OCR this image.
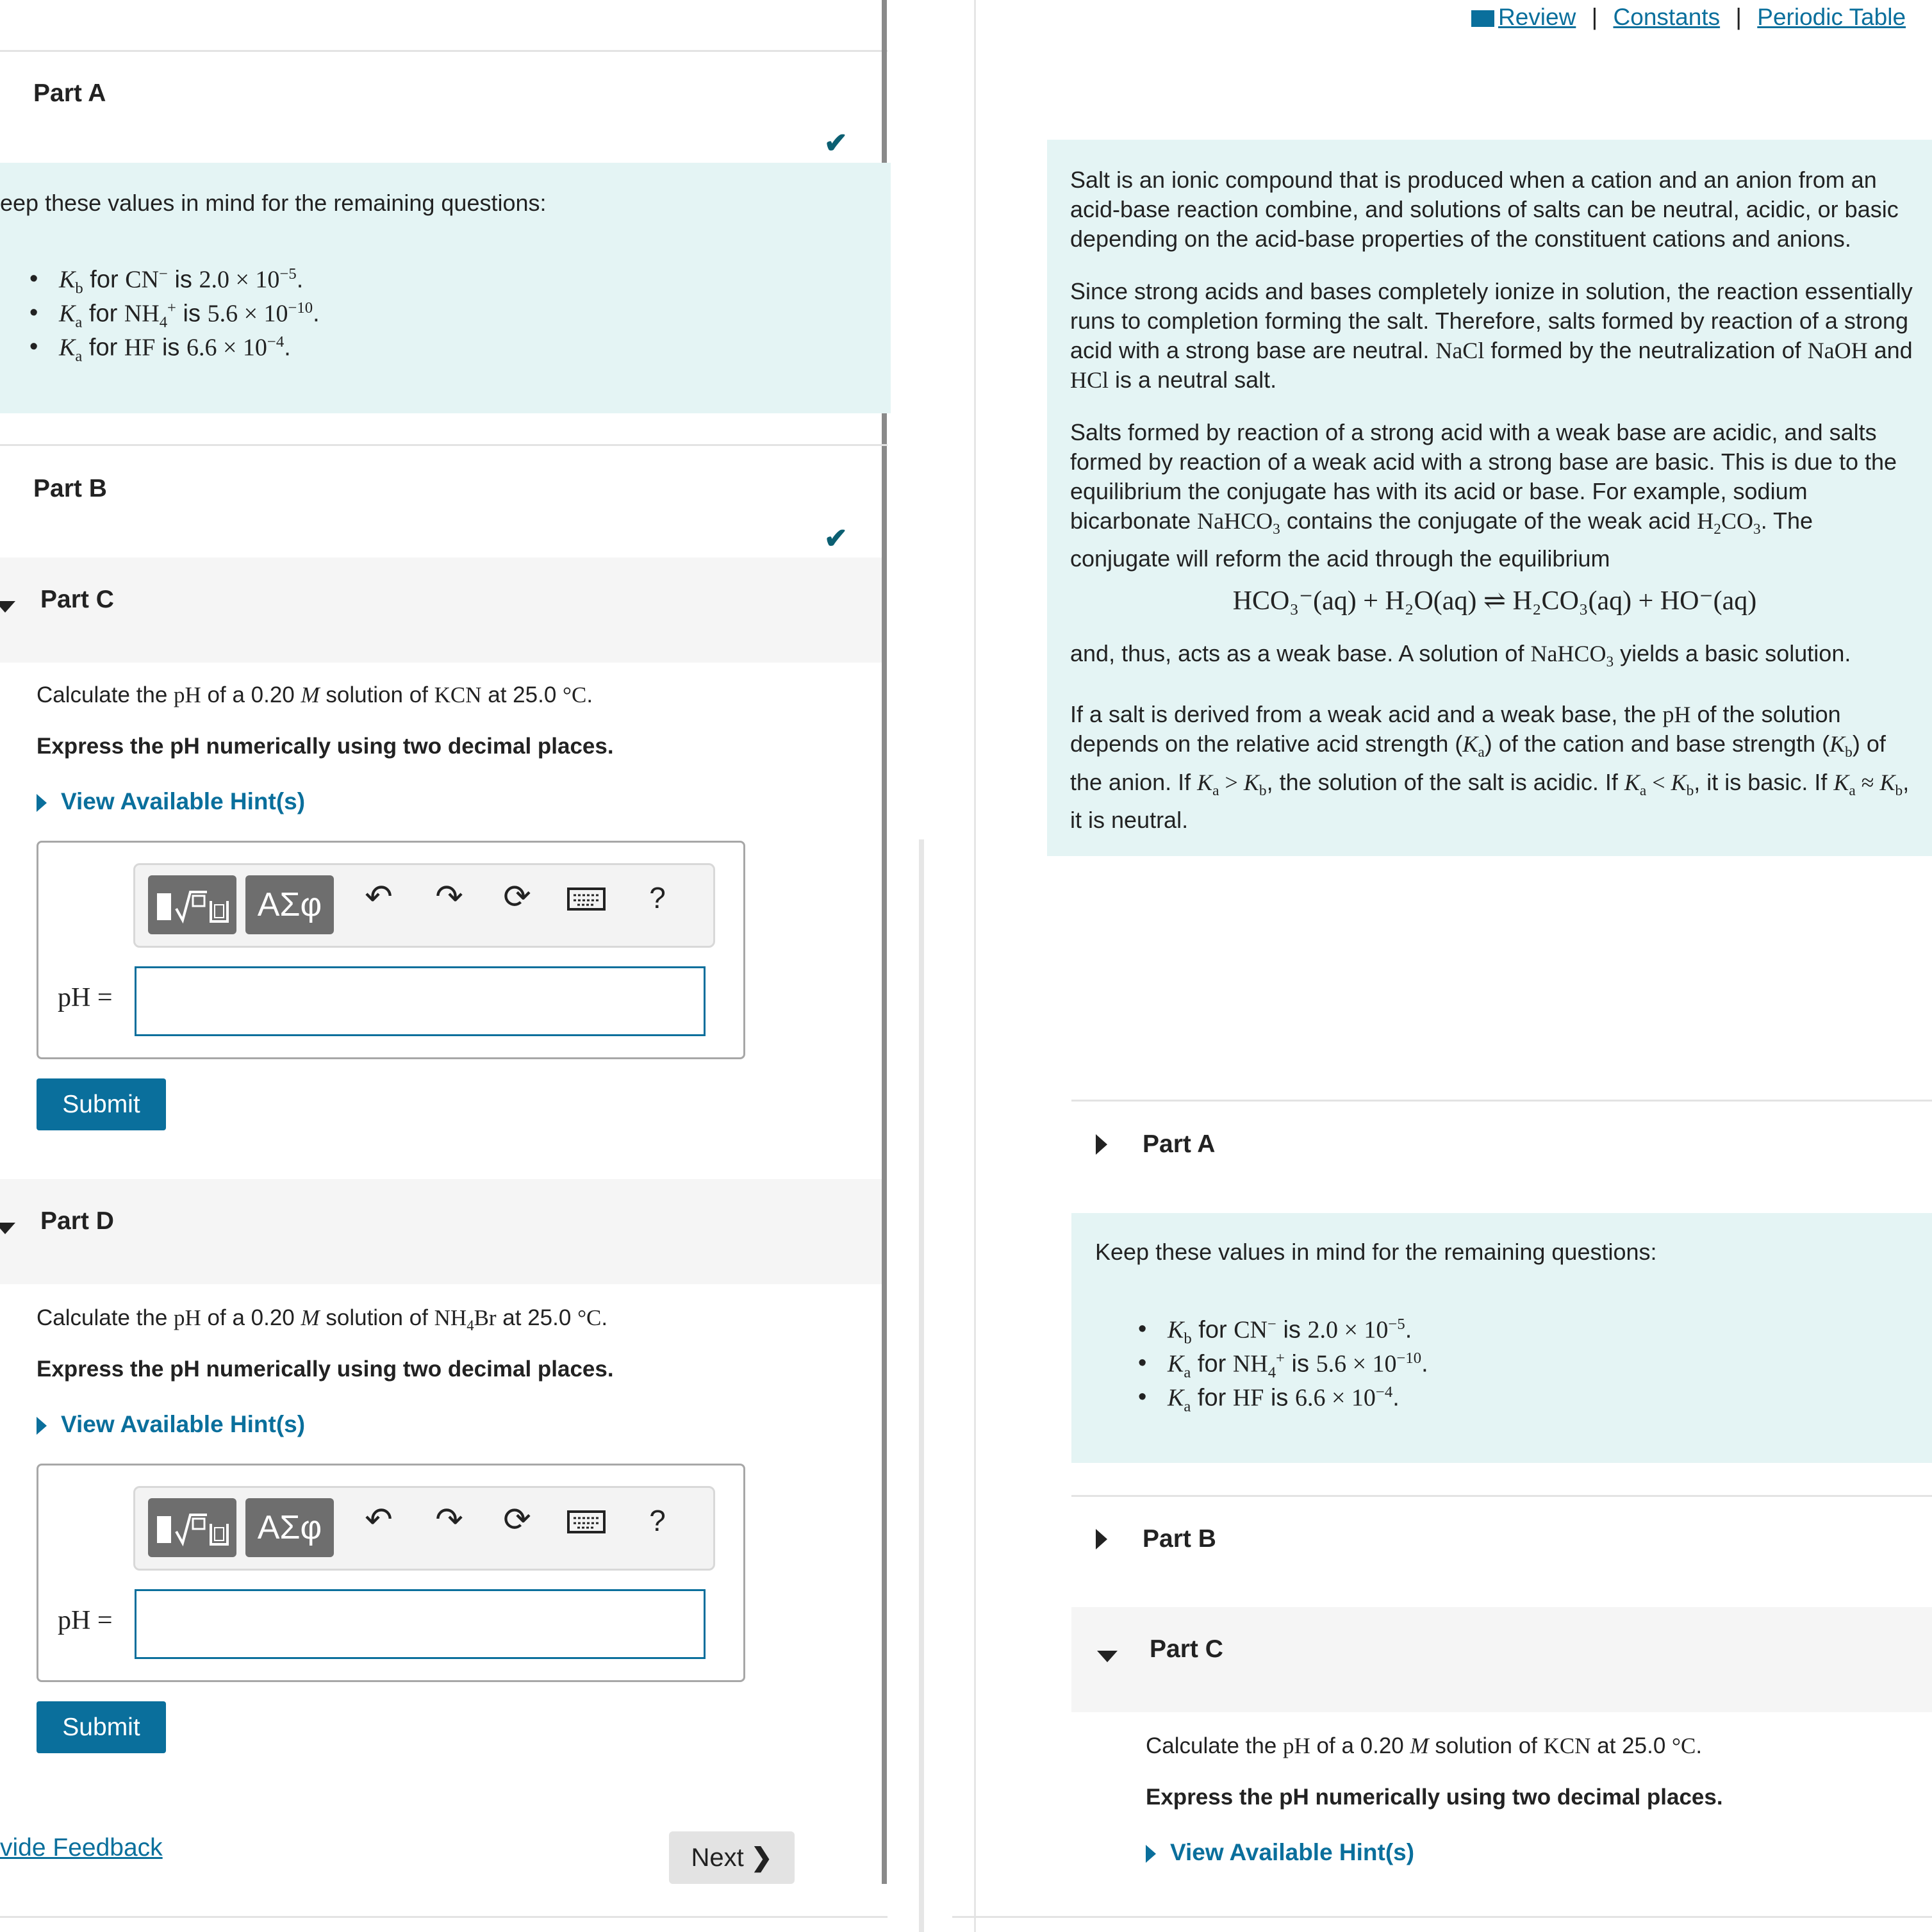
Part A
✔
eep these values in mind for the remaining questions:
• $K_b$ for CN− is $2.0 \times 10^{-5}$.
• $K_a$ for $NH_4^+$ is $5.6 \times 10^{-10}$.
• $K_a$ for HF is $6.6 \times 10^{-4}$.
Part B
✔
Part C
Calculate the pH of a 0.20 M solution of KCN at 25.0 °C.
Express the pH numerically using two decimal places.
View Available Hint(s)
ΑΣφ	↶ ↷ ⟳	?
pH =
Submit
Part D
Calculate the pH of a 0.20 M solution of $NH_4Br$ at 25.0 °C.
Express the pH numerically using two decimal places.
View Available Hint(s)
ΑΣφ	↶ ↷ ⟳	?
pH =
Submit
vide Feedback	Next ❯
Review | Constants | Periodic Table

Salt is an ionic compound that is produced when a cation and an anion from an acid-base reaction combine, and solutions of salts can be neutral, acidic, or basic depending on the acid-base properties of the constituent cations and anions.

Since strong acids and bases completely ionize in solution, the reaction essentially runs to completion forming the salt. Therefore, salts formed by reaction of a strong acid with a strong base are neutral. NaCl formed by the neutralization of NaOH and HCl is a neutral salt.

Salts formed by reaction of a strong acid with a weak base are acidic, and salts formed by reaction of a weak acid with a strong base are basic. This is due to the equilibrium the conjugate has with its acid or base. For example, sodium bicarbonate NaHCO$_3$ contains the conjugate of the weak acid $H_2CO_3$. The conjugate will reform the acid through the equilibrium

HCO₃⁻(aq) + H₂O(aq) ⇌ H₂CO₃(aq) + HO⁻(aq)

and, thus, acts as a weak base. A solution of NaHCO$_3$ yields a basic solution.

If a salt is derived from a weak acid and a weak base, the pH of the solution depends on the relative acid strength $(K_a)$ of the cation and base strength $(K_b)$ of the anion. If $K_a > K_b$, the solution of the salt is acidic. If $K_a < K_b$, it is basic. If $K_a \approx K_b$, it is neutral.

Part A
Keep these values in mind for the remaining questions:
• $K_b$ for CN− is $2.0 \times 10^{-5}$.
• $K_a$ for $NH_4^+$ is $5.6 \times 10^{-10}$.
• $K_a$ for HF is $6.6 \times 10^{-4}$.
Part B
Part C
Calculate the pH of a 0.20 M solution of KCN at 25.0 °C.
Express the pH numerically using two decimal places.
View Available Hint(s)
